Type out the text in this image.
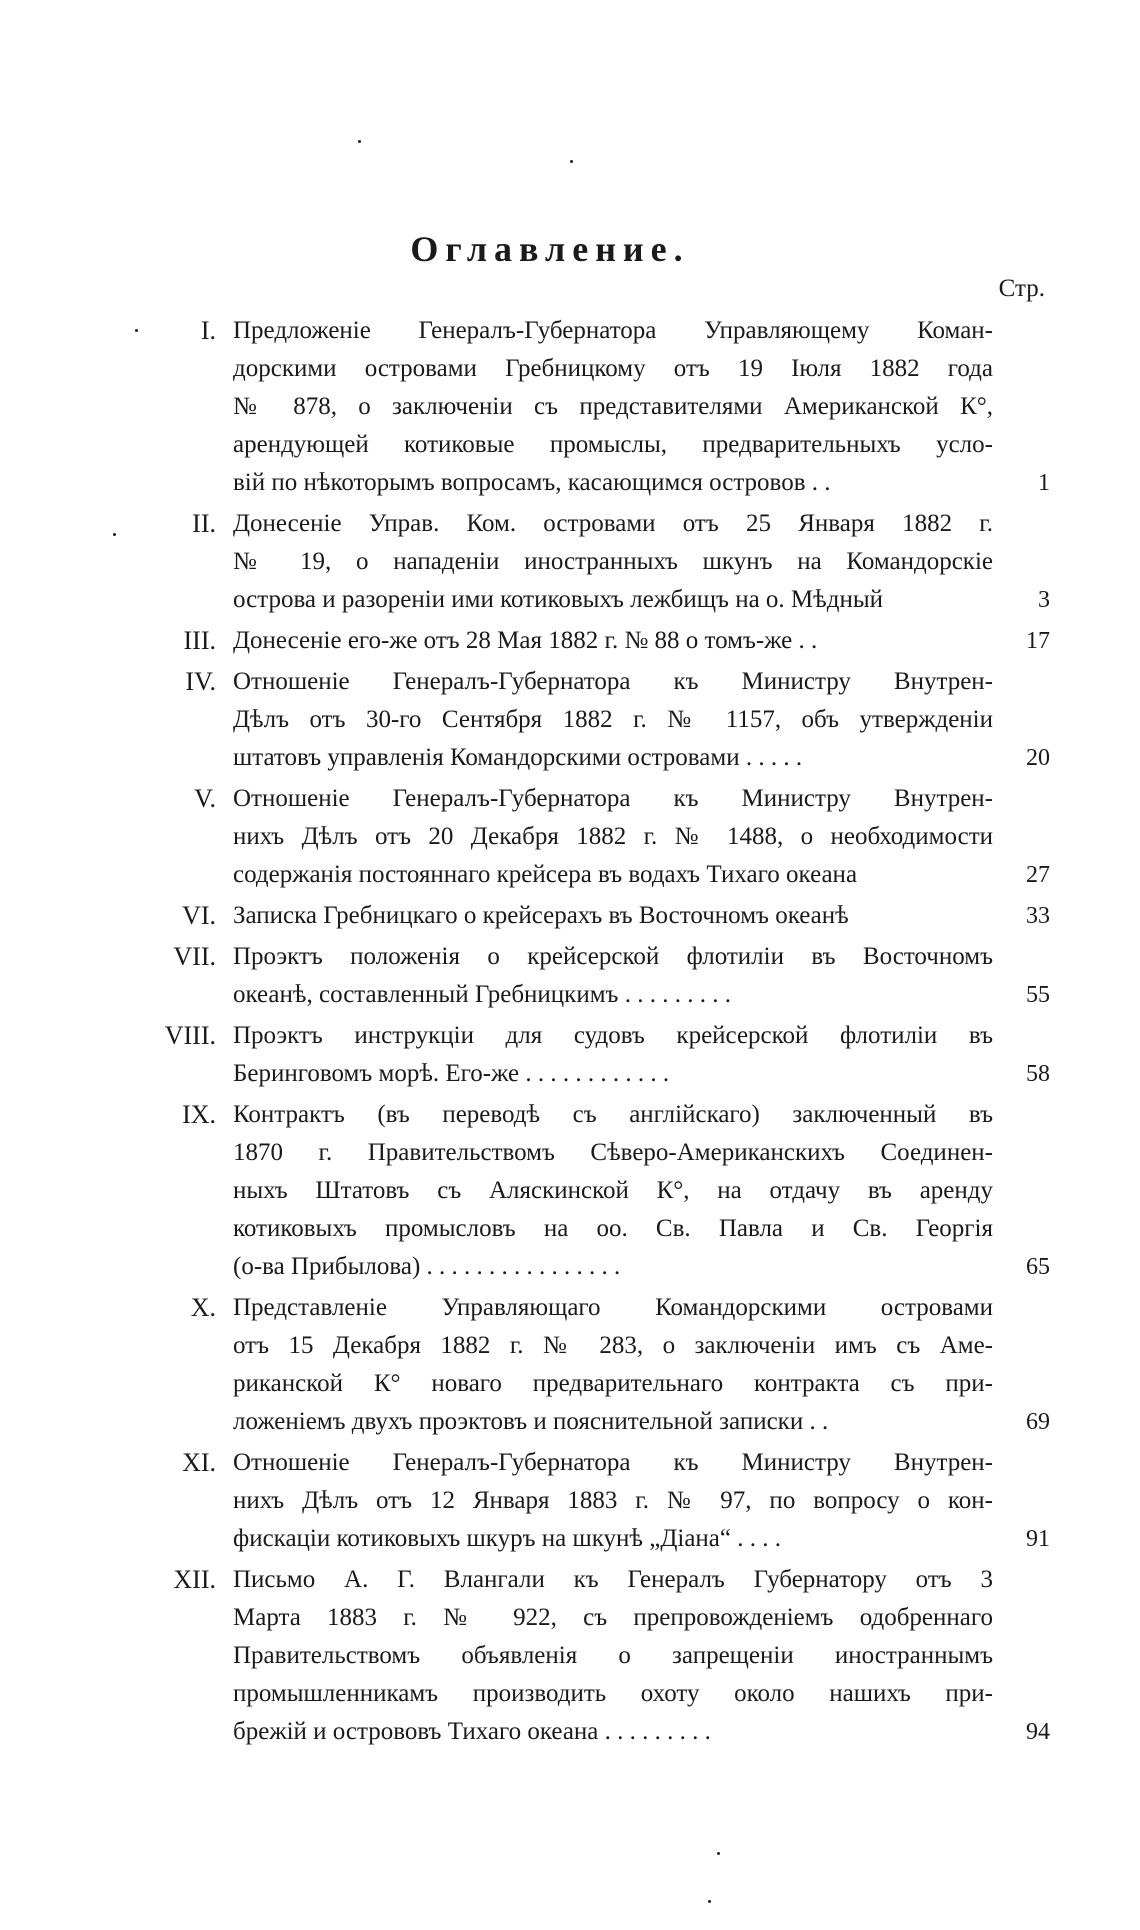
Оглавление.
Стр.
I. Предложеніе Генералъ-Губернатора Управляющему Коман-
дорскими островами Гребницкому отъ 19 Іюля 1882 года
№ 878, о заключеніи съ представителями Американской К°,
арендующей котиковые промыслы, предварительныхъ усло-
вій по нѣкоторымъ вопросамъ, касающимся островов . .	1
II. Донесеніе Управ. Ком. островами отъ 25 Января 1882 г.
№ 19, о нападеніи иностранныхъ шкунъ на Командорскіе
острова и разореніи ими котиковыхъ лежбищъ на о. Мѣдный	3
III. Донесеніе его-же отъ 28 Мая 1882 г. № 88 о томъ-же . .	17
IV. Отношеніе Генералъ-Губернатора къ Министру Внутрен-
Дѣлъ отъ 30-го Сентября 1882 г. № 1157, объ утвержденіи
штатовъ управленія Командорскими островами . . . . .	20
V. Отношеніе Генералъ-Губернатора къ Министру Внутрен-
нихъ Дѣлъ отъ 20 Декабря 1882 г. № 1488, о необходимости
содержанія постояннаго крейсера въ водахъ Тихаго океана	27
VI. Записка Гребницкаго о крейсерахъ въ Восточномъ океанѣ	33
VII. Проэктъ положенія о крейсерской флотиліи въ Восточномъ
океанѣ, составленный Гребницкимъ . . . . . . . . .	55
VIII. Проэктъ инструкціи для судовъ крейсерской флотиліи въ
Беринговомъ морѣ. Его-же . . . . . . . . . . . .	58
IX. Контрактъ (въ переводѣ съ англійскаго) заключенный въ
1870 г. Правительствомъ Сѣверо-Американскихъ Соединен-
ныхъ Штатовъ съ Аляскинской К°, на отдачу въ аренду
котиковыхъ промысловъ на оо. Св. Павла и Св. Георгія
(о-ва Прибылова) . . . . . . . . . . . . . . . .	65
X. Представленіе Управляющаго Командорскими островами
отъ 15 Декабря 1882 г. № 283, о заключеніи имъ съ Аме-
риканской К° новаго предварительнаго контракта съ при-
ложеніемъ двухъ проэктовъ и пояснительной записки . .	69
XI. Отношеніе Генералъ-Губернатора къ Министру Внутрен-
нихъ Дѣлъ отъ 12 Января 1883 г. № 97, по вопросу о кон-
фискаціи котиковыхъ шкуръ на шкунѣ „Діана“ . . . .	91
XII. Письмо А. Г. Влангали къ Генералъ Губернатору отъ 3
Марта 1883 г. № 922, съ препровожденіемъ одобреннаго
Правительствомъ объявленія о запрещеніи иностраннымъ
промышленникамъ производить охоту около нашихъ при-
брежій и острововъ Тихаго океана . . . . . . . . .	94
